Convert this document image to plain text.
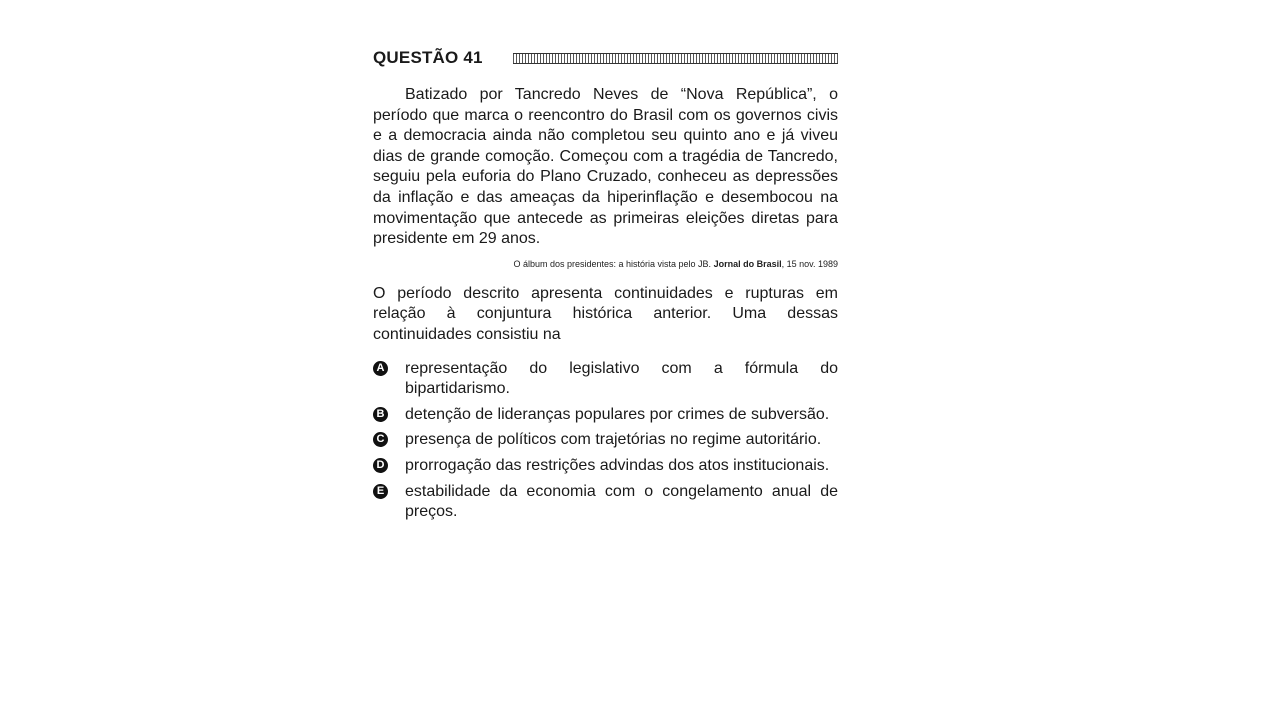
QUESTÃO 41

Batizado por Tancredo Neves de “Nova República”, o período que marca o reencontro do Brasil com os governos civis e a democracia ainda não completou seu quinto ano e já viveu dias de grande comoção. Começou com a tragédia de Tancredo, seguiu pela euforia do Plano Cruzado, conheceu as depressões da inflação e das ameaças da hiperinflação e desembocou na movimentação que antecede as primeiras eleições diretas para presidente em 29 anos.

O álbum dos presidentes: a história vista pelo JB. Jornal do Brasil, 15 nov. 1989

O período descrito apresenta continuidades e rupturas em relação à conjuntura histórica anterior. Uma dessas continuidades consistiu na

A representação do legislativo com a fórmula do bipartidarismo.
B detenção de lideranças populares por crimes de subversão.
C presença de políticos com trajetórias no regime autoritário.
D prorrogação das restrições advindas dos atos institucionais.
E estabilidade da economia com o congelamento anual de preços.
